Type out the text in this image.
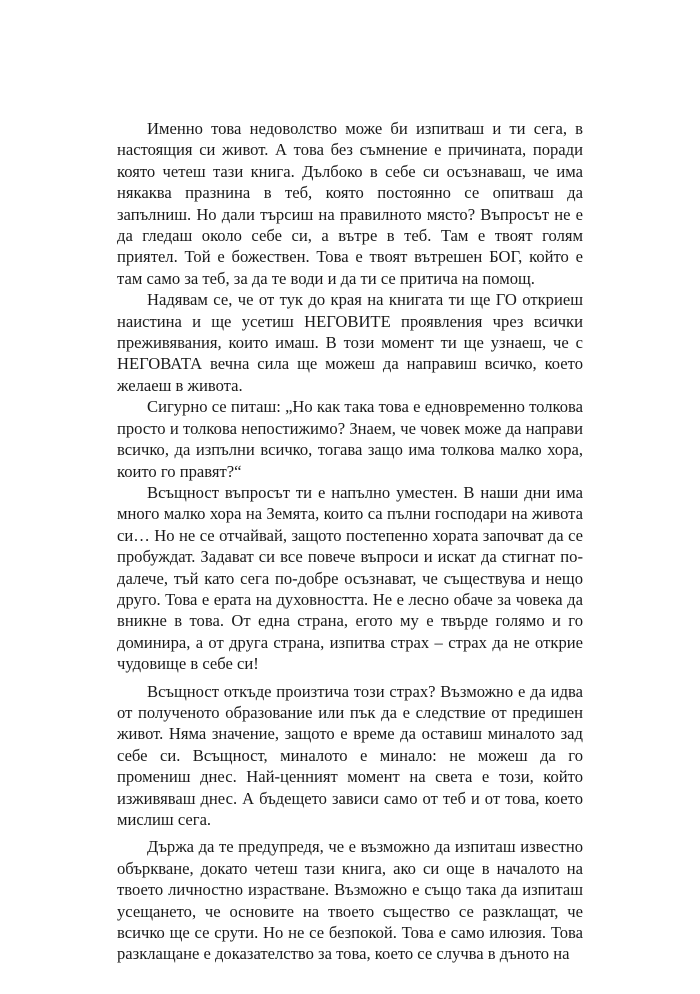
Именно това недоволство може би изпитваш и ти сега, в настоящия си живот. А това без съмнение е причината, поради която четеш тази книга. Дълбоко в себе си осъзнаваш, че има някаква празнина в теб, която постоянно се опитваш да запълниш. Но дали търсиш на правилното място? Въпросът не е да гледаш около себе си, а вътре в теб. Там е твоят голям приятел. Той е божествен. Това е твоят вътрешен БОГ, който е там само за теб, за да те води и да ти се притича на помощ.

Надявам се, че от тук до края на книгата ти ще ГО откриеш наистина и ще усетиш НЕГОВИТЕ проявления чрез всички преживявания, които имаш. В този момент ти ще узнаеш, че с НЕГОВАТА вечна сила ще можеш да направиш всичко, което желаеш в живота.

Сигурно се питаш: „Но как така това е едновременно толкова просто и толкова непостижимо? Знаем, че човек може да направи всичко, да изпълни всичко, тогава защо има толкова малко хора, които го правят?“

Всъщност въпросът ти е напълно уместен. В наши дни има много малко хора на Земята, които са пълни господари на живота си… Но не се отчайвай, защото постепенно хората започват да се пробуждат. Задават си все повече въпроси и искат да стигнат по-далече, тъй като сега по-добре осъзнават, че съществува и нещо друго. Това е ерата на духовността. Не е лесно обаче за човека да вникне в това. От една страна, егото му е твърде голямо и го доминира, а от друга страна, изпитва страх – страх да не открие чудовище в себе си!

Всъщност откъде произтича този страх? Възможно е да идва от полученото образование или пък да е следствие от предишен живот. Няма значение, защото е време да оставиш миналото зад себе си. Всъщност, миналото е минало: не можеш да го промениш днес. Най-ценният момент на света е този, който изживяваш днес. А бъдещето зависи само от теб и от това, което мислиш сега.

Държа да те предупредя, че е възможно да изпиташ известно объркване, докато четеш тази книга, ако си още в началото на твоето личностно израстване. Възможно е също така да изпиташ усещането, че основите на твоето същество се разклащат, че всичко ще се срути. Но не се безпокой. Това е само илюзия. Това разклащане е доказателство за това, което се случва в дъното на
